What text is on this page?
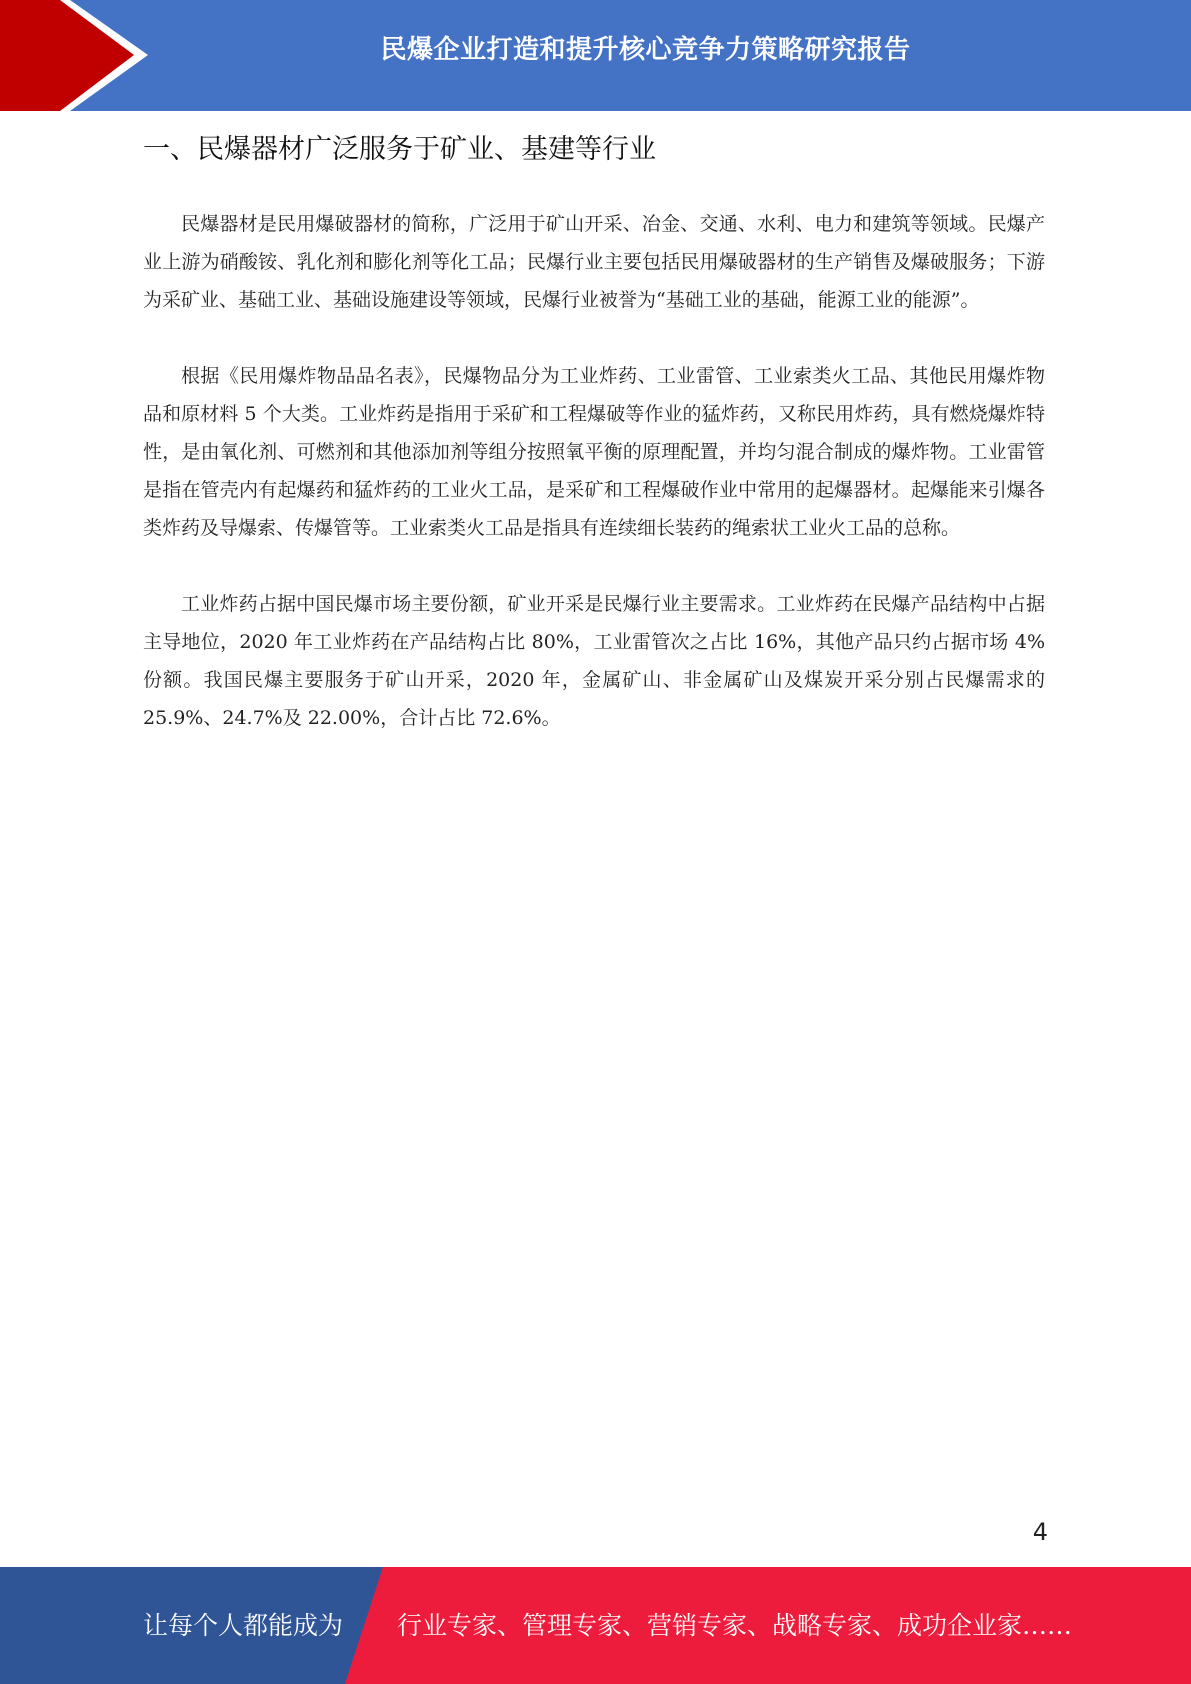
民爆企业打造和提升核心竞争力策略研究报告
一、民爆器材广泛服务于矿业、基建等行业

民爆器材是民用爆破器材的简称，广泛用于矿山开采、冶金、交通、水利、电力和建筑等领域。民爆产业上游为硝酸铵、乳化剂和膨化剂等化工品；民爆行业主要包括民用爆破器材的生产销售及爆破服务；下游为采矿业、基础工业、基础设施建设等领域，民爆行业被誉为“基础工业的基础，能源工业的能源”。

根据《民用爆炸物品品名表》，民爆物品分为工业炸药、工业雷管、工业索类火工品、其他民用爆炸物品和原材料 5 个大类。工业炸药是指用于采矿和工程爆破等作业的猛炸药，又称民用炸药，具有燃烧爆炸特性，是由氧化剂、可燃剂和其他添加剂等组分按照氧平衡的原理配置，并均匀混合制成的爆炸物。工业雷管是指在管壳内有起爆药和猛炸药的工业火工品，是采矿和工程爆破作业中常用的起爆器材。起爆能来引爆各类炸药及导爆索、传爆管等。工业索类火工品是指具有连续细长装药的绳索状工业火工品的总称。

工业炸药占据中国民爆市场主要份额，矿业开采是民爆行业主要需求。工业炸药在民爆产品结构中占据主导地位，2020 年工业炸药在产品结构占比 80%，工业雷管次之占比 16%，其他产品只约占据市场 4%份额。我国民爆主要服务于矿山开采，2020 年，金属矿山、非金属矿山及煤炭开采分别占民爆需求的 25.9%、24.7%及 22.00%，合计占比 72.6%。

4
让每个人都能成为 行业专家、管理专家、营销专家、战略专家、成功企业家……
